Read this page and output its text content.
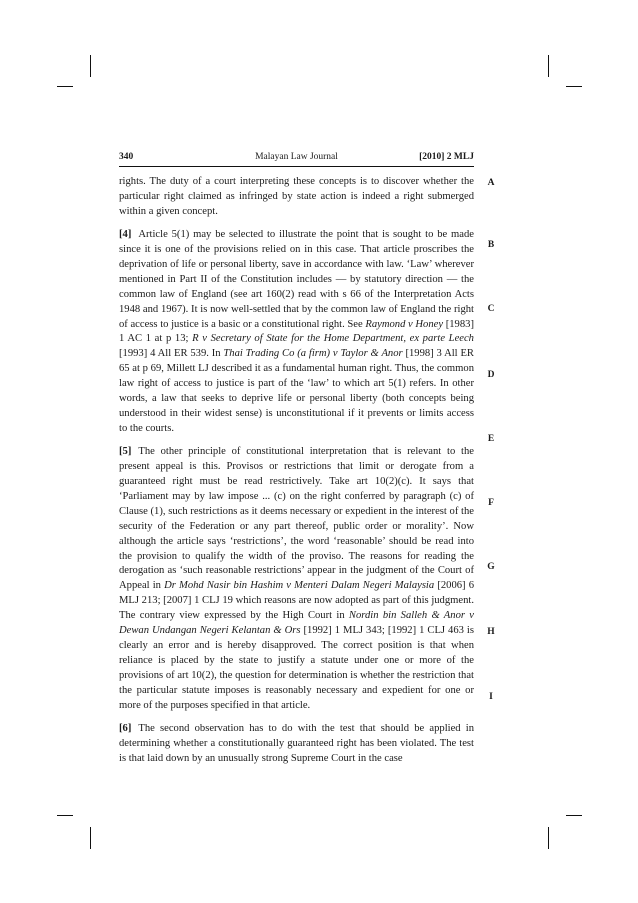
340	Malayan Law Journal	[2010] 2 MLJ

rights. The duty of a court interpreting these concepts is to discover whether the particular right claimed as infringed by state action is indeed a right submerged within a given concept.

[4] Article 5(1) may be selected to illustrate the point that is sought to be made since it is one of the provisions relied on in this case. That article proscribes the deprivation of life or personal liberty, save in accordance with law. ‘Law’ wherever mentioned in Part II of the Constitution includes — by statutory direction — the common law of England (see art 160(2) read with s 66 of the Interpretation Acts 1948 and 1967). It is now well-settled that by the common law of England the right of access to justice is a basic or a constitutional right. See Raymond v Honey [1983] 1 AC 1 at p 13; R v Secretary of State for the Home Department, ex parte Leech [1993] 4 All ER 539. In Thai Trading Co (a firm) v Taylor & Anor [1998] 3 All ER 65 at p 69, Millett LJ described it as a fundamental human right. Thus, the common law right of access to justice is part of the ‘law’ to which art 5(1) refers. In other words, a law that seeks to deprive life or personal liberty (both concepts being understood in their widest sense) is unconstitutional if it prevents or limits access to the courts.

[5] The other principle of constitutional interpretation that is relevant to the present appeal is this. Provisos or restrictions that limit or derogate from a guaranteed right must be read restrictively. Take art 10(2)(c). It says that ‘Parliament may by law impose ... (c) on the right conferred by paragraph (c) of Clause (1), such restrictions as it deems necessary or expedient in the interest of the security of the Federation or any part thereof, public order or morality’. Now although the article says ‘restrictions’, the word ‘reasonable’ should be read into the provision to qualify the width of the proviso. The reasons for reading the derogation as ‘such reasonable restrictions’ appear in the judgment of the Court of Appeal in Dr Mohd Nasir bin Hashim v Menteri Dalam Negeri Malaysia [2006] 6 MLJ 213; [2007] 1 CLJ 19 which reasons are now adopted as part of this judgment. The contrary view expressed by the High Court in Nordin bin Salleh & Anor v Dewan Undangan Negeri Kelantan & Ors [1992] 1 MLJ 343; [1992] 1 CLJ 463 is clearly an error and is hereby disapproved. The correct position is that when reliance is placed by the state to justify a statute under one or more of the provisions of art 10(2), the question for determination is whether the restriction that the particular statute imposes is reasonably necessary and expedient for one or more of the purposes specified in that article.

[6] The second observation has to do with the test that should be applied in determining whether a constitutionally guaranteed right has been violated. The test is that laid down by an unusually strong Supreme Court in the case

A
B
C
D
E
F
G
H
I
